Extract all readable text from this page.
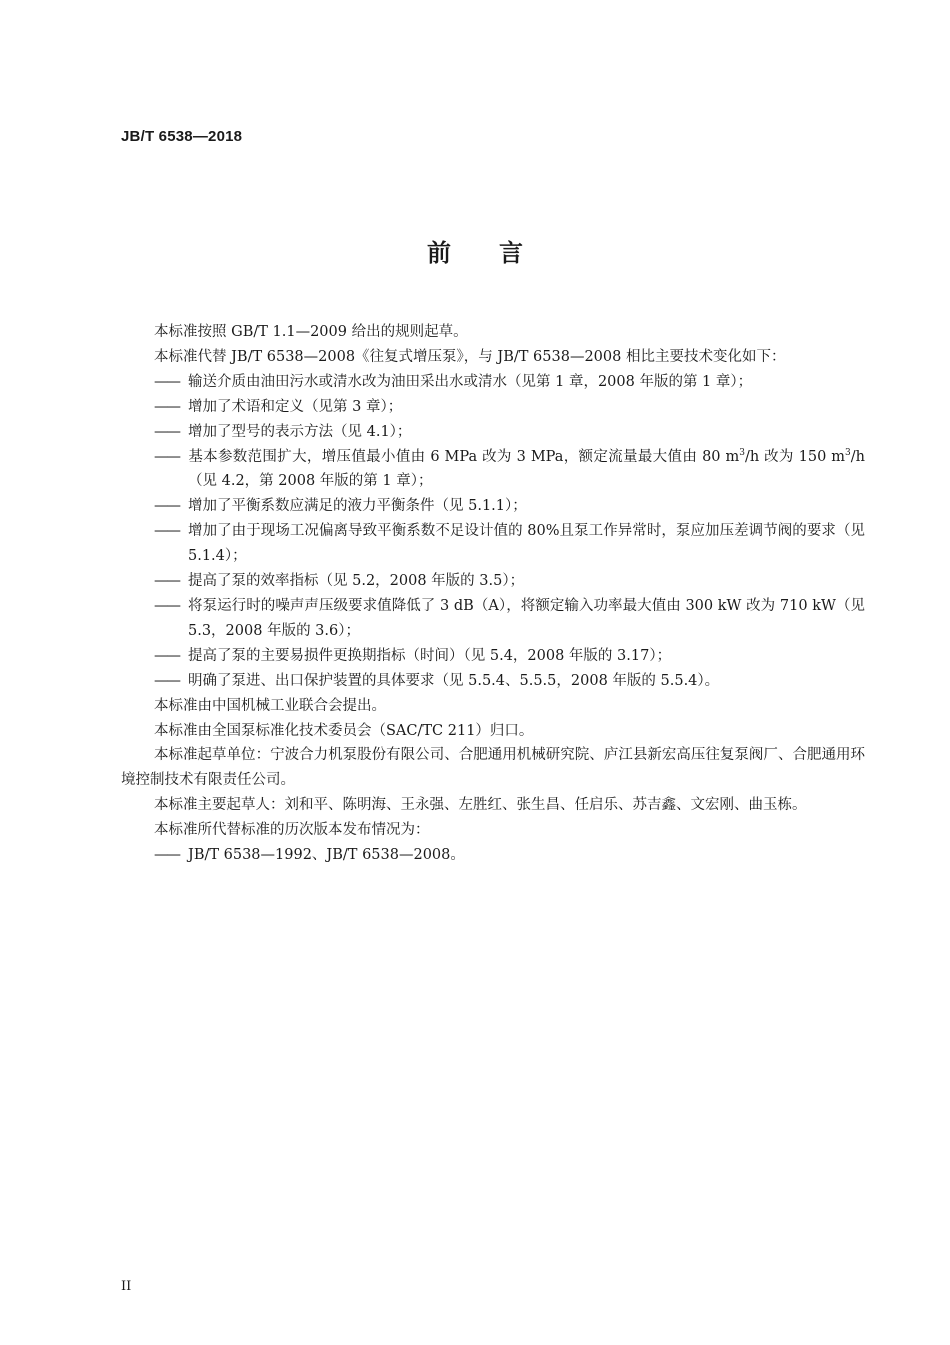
JB/T 6538—2018
前 言

本标准按照 GB/T 1.1—2009 给出的规则起草。

本标准代替 JB/T 6538—2008《往复式增压泵》，与 JB/T 6538—2008 相比主要技术变化如下：

—— 输送介质由油田污水或清水改为油田采出水或清水（见第 1 章，2008 年版的第 1 章）；

—— 增加了术语和定义（见第 3 章）；

—— 增加了型号的表示方法（见 4.1）；

—— 基本参数范围扩大，增压值最小值由 6 MPa 改为 3 MPa，额定流量最大值由 80 $m^3/h$ 改为 150 $m^3/h$（见 4.2，第 2008 年版的第 1 章）；

—— 增加了平衡系数应满足的液力平衡条件（见 5.1.1）；

—— 增加了由于现场工况偏离导致平衡系数不足设计值的 80%且泵工作异常时，泵应加压差调节阀的要求（见 5.1.4）；

—— 提高了泵的效率指标（见 5.2，2008 年版的 3.5）；

—— 将泵运行时的噪声声压级要求值降低了 3 dB（A），将额定输入功率最大值由 300 kW 改为 710 kW（见 5.3，2008 年版的 3.6）；

—— 提高了泵的主要易损件更换期指标（时间）（见 5.4，2008 年版的 3.17）；

—— 明确了泵进、出口保护装置的具体要求（见 5.5.4、5.5.5，2008 年版的 5.5.4）。

本标准由中国机械工业联合会提出。

本标准由全国泵标准化技术委员会（SAC/TC 211）归口。

本标准起草单位：宁波合力机泵股份有限公司、合肥通用机械研究院、庐江县新宏高压往复泵阀厂、合肥通用环境控制技术有限责任公司。

本标准主要起草人：刘和平、陈明海、王永强、左胜红、张生昌、任启乐、苏吉鑫、文宏刚、曲玉栋。

本标准所代替标准的历次版本发布情况为：

—— JB/T 6538—1992、JB/T 6538—2008。

II
